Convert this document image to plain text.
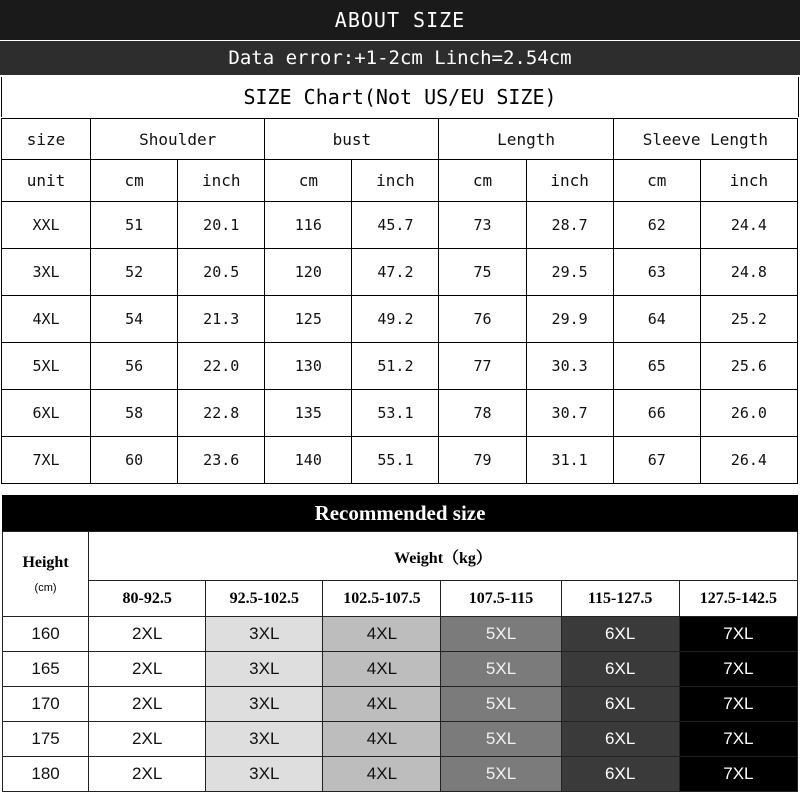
ABOUT SIZE
Data error:+1-2cm Linch=2.54cm
SIZE Chart(Not US/EU SIZE)
size	Shoulder		bust		Length		Sleeve Length	
unit	cm	inch	cm	inch	cm	inch	cm	inch
XXL	51	20.1	116	45.7	73	28.7	62	24.4
3XL	52	20.5	120	47.2	75	29.5	63	24.8
4XL	54	21.3	125	49.2	76	29.9	64	25.2
5XL	56	22.0	130	51.2	77	30.3	65	25.6
6XL	58	22.8	135	53.1	78	30.7	66	26.0
7XL	60	23.6	140	55.1	79	31.1	67	26.4
Recommended size
Height
(cm)	Weight（kg）					
	80-92.5	92.5-102.5	102.5-107.5	107.5-115	115-127.5	127.5-142.5
160	2XL	3XL	4XL	5XL	6XL	7XL
165	2XL	3XL	4XL	5XL	6XL	7XL
170	2XL	3XL	4XL	5XL	6XL	7XL
175	2XL	3XL	4XL	5XL	6XL	7XL
180	2XL	3XL	4XL	5XL	6XL	7XL
